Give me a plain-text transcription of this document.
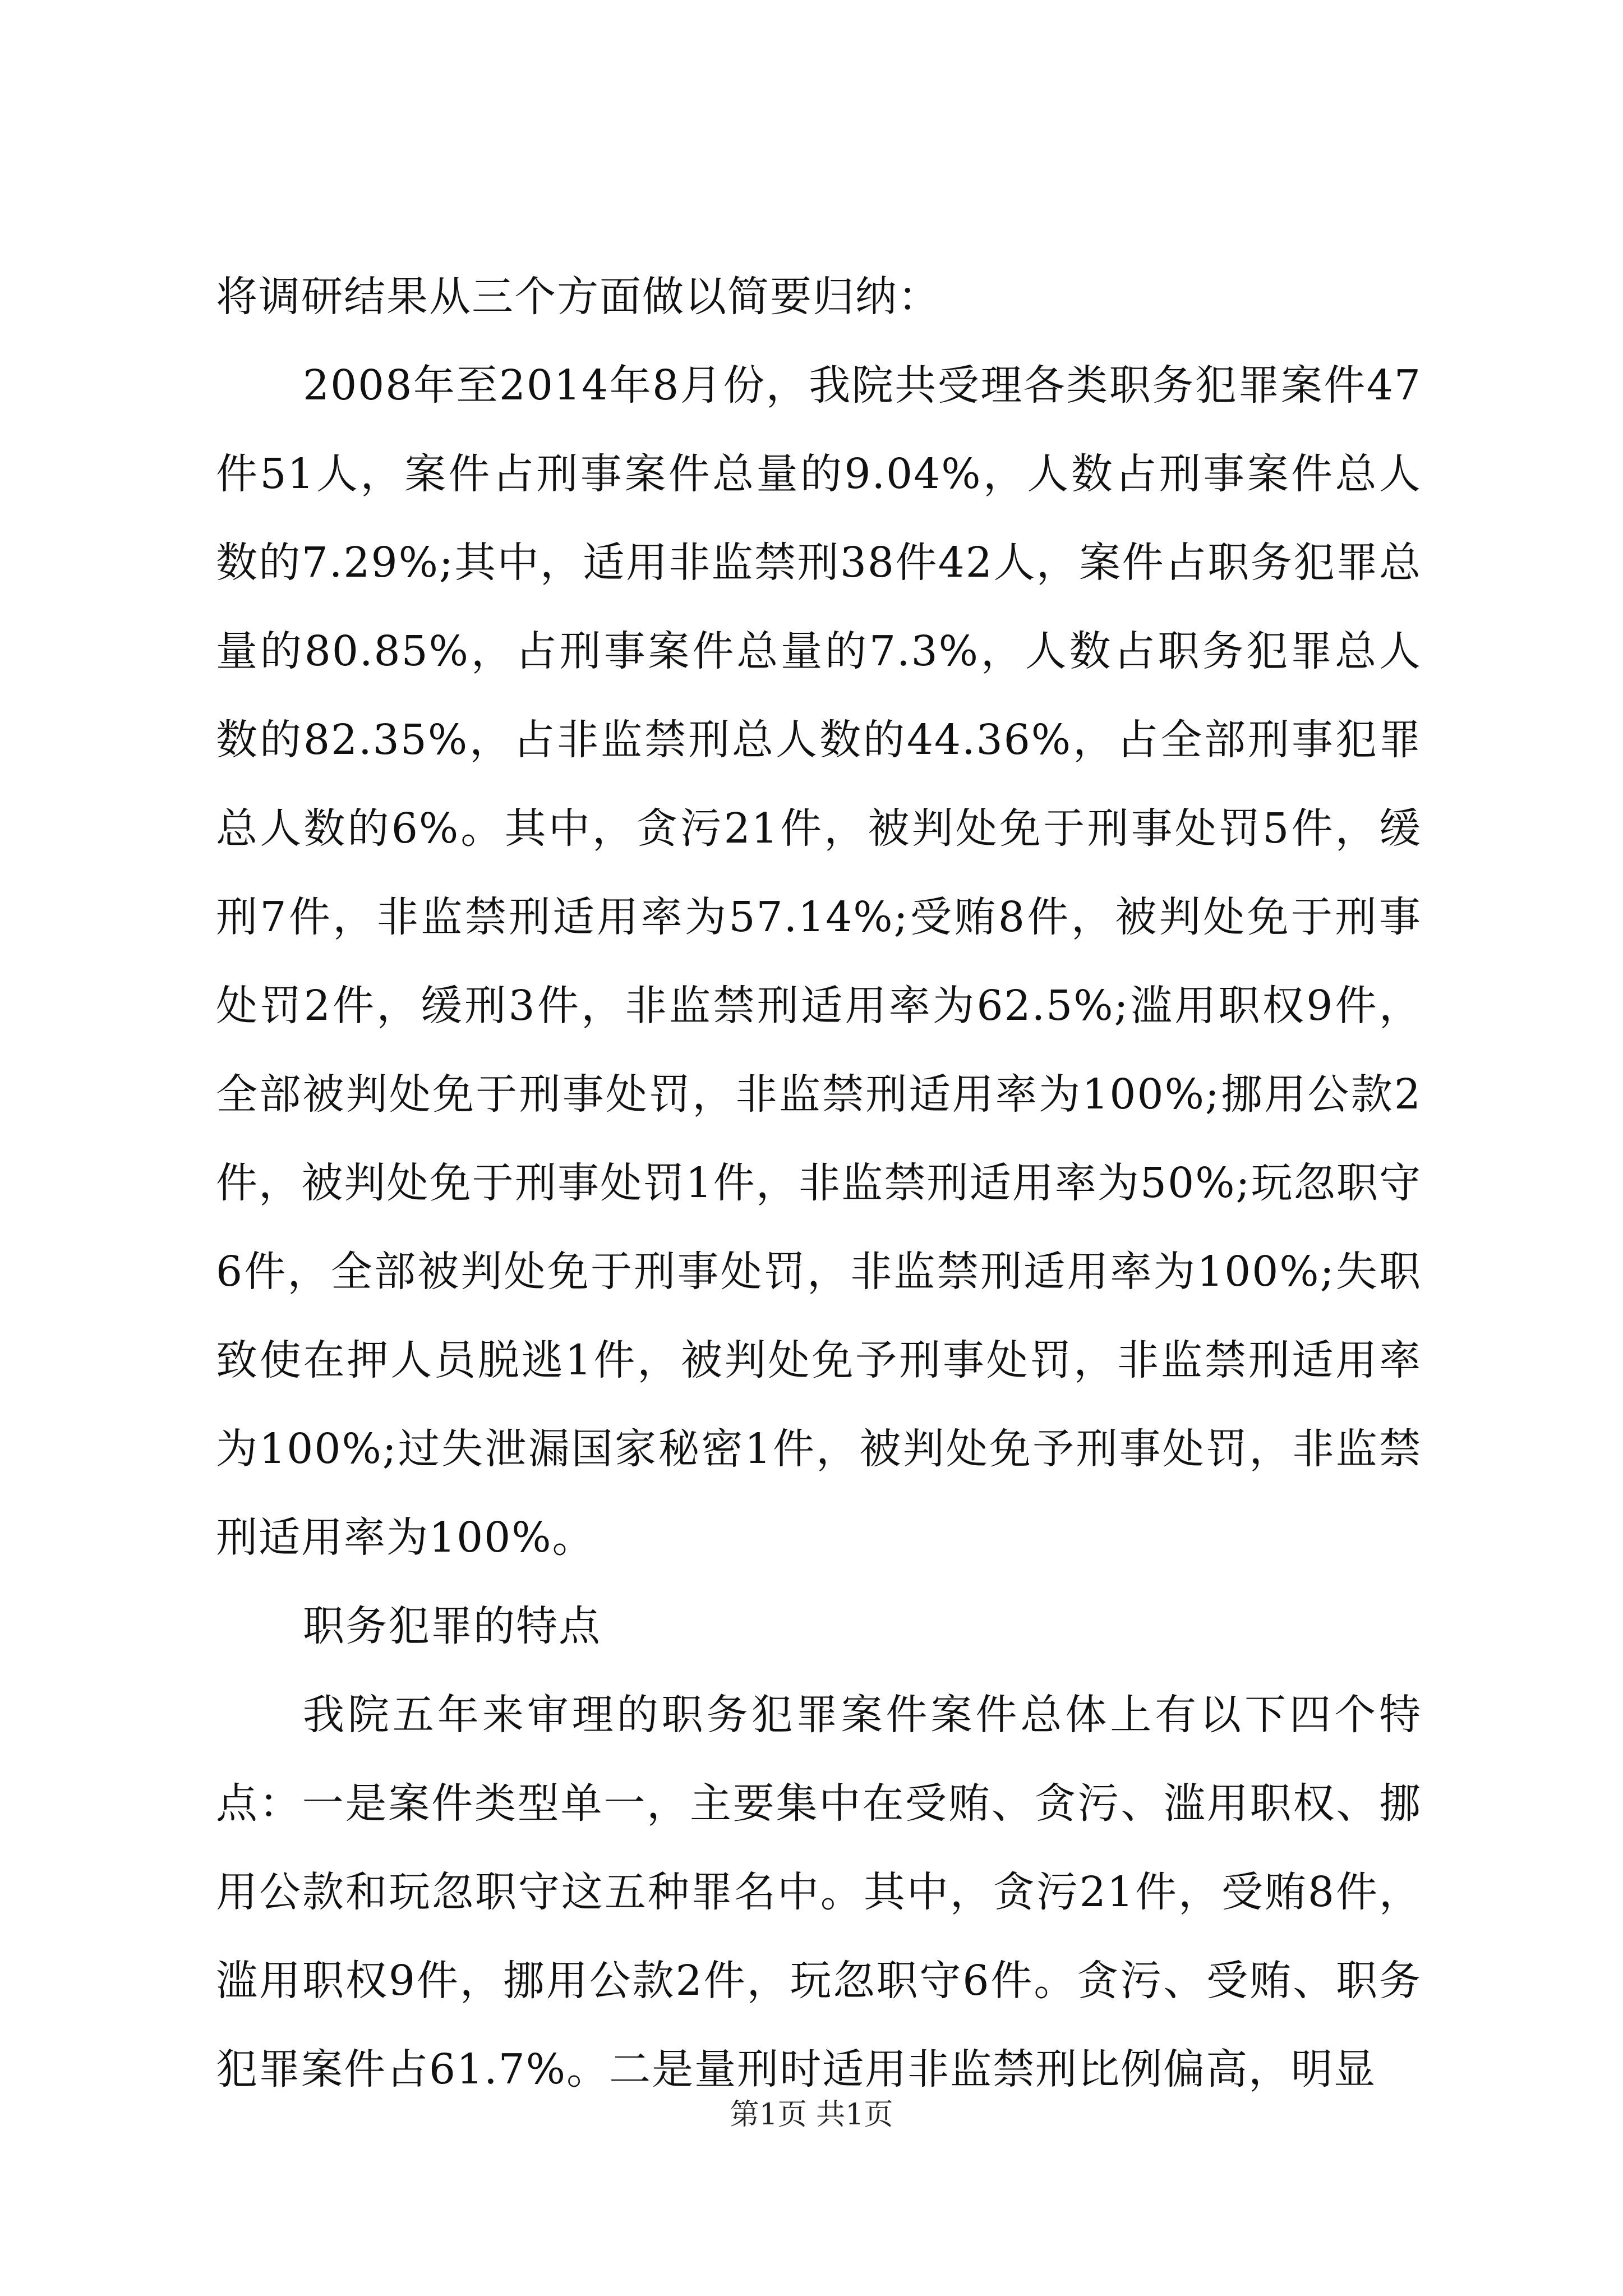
将调研结果从三个方面做以简要归纳：

2008年至2014年8月份，我院共受理各类职务犯罪案件47件51人，案件占刑事案件总量的9.04%，人数占刑事案件总人数的7.29%;其中，适用非监禁刑38件42人，案件占职务犯罪总量的80.85%，占刑事案件总量的7.3%，人数占职务犯罪总人数的82.35%，占非监禁刑总人数的44.36%，占全部刑事犯罪总人数的6%。其中，贪污21件，被判处免于刑事处罚5件，缓刑7件，非监禁刑适用率为57.14%;受贿8件，被判处免于刑事处罚2件，缓刑3件，非监禁刑适用率为62.5%;滥用职权9件，全部被判处免于刑事处罚，非监禁刑适用率为100%;挪用公款2件，被判处免于刑事处罚1件，非监禁刑适用率为50%;玩忽职守6件，全部被判处免于刑事处罚，非监禁刑适用率为100%;失职致使在押人员脱逃1件，被判处免予刑事处罚，非监禁刑适用率为100%;过失泄漏国家秘密1件，被判处免予刑事处罚，非监禁刑适用率为100%。

职务犯罪的特点

我院五年来审理的职务犯罪案件案件总体上有以下四个特点：一是案件类型单一，主要集中在受贿、贪污、滥用职权、挪用公款和玩忽职守这五种罪名中。其中，贪污21件，受贿8件，滥用职权9件，挪用公款2件，玩忽职守6件。贪污、受贿、职务犯罪案件占61.7%。二是量刑时适用非监禁刑比例偏高，明显

第1页 共1页
